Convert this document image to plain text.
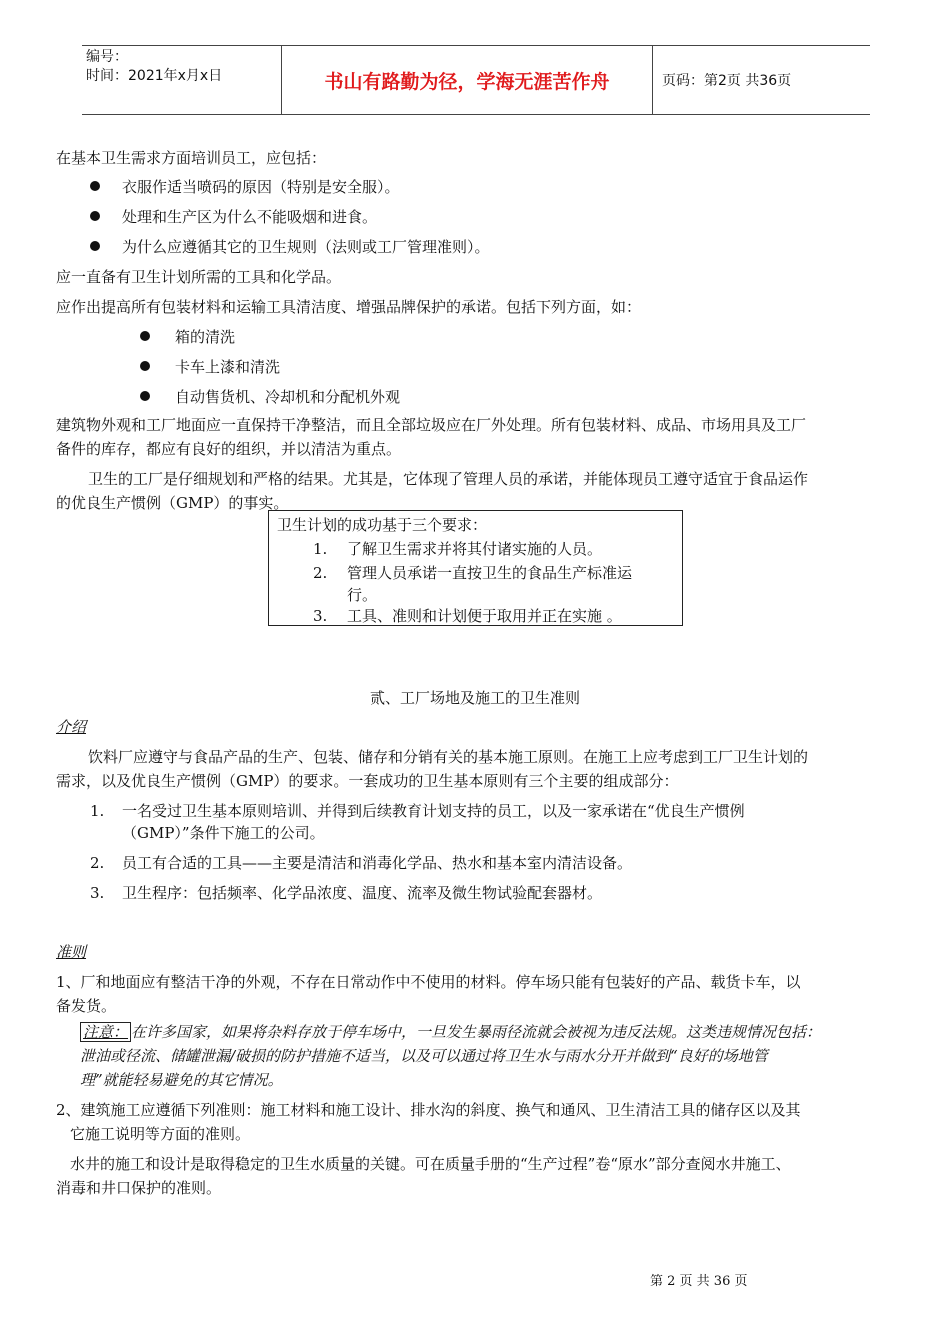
编号：
时间：2021年x月x日	书山有路勤为径，学海无涯苦作舟	页码：第2页 共36页
在基本卫生需求方面培训员工，应包括：
衣服作适当喷码的原因（特别是安全服）。
处理和生产区为什么不能吸烟和进食。
为什么应遵循其它的卫生规则（法则或工厂管理准则）。
应一直备有卫生计划所需的工具和化学品。
应作出提高所有包装材料和运输工具清洁度、增强品牌保护的承诺。包括下列方面，如：
箱的清洗
卡车上漆和清洗
自动售货机、冷却机和分配机外观
建筑物外观和工厂地面应一直保持干净整洁，而且全部垃圾应在厂外处理。所有包装材料、成品、市场用具及工厂
备件的库存，都应有良好的组织，并以清洁为重点。
卫生的工厂是仔细规划和严格的结果。尤其是，它体现了管理人员的承诺，并能体现员工遵守适宜于食品运作
的优良生产惯例（GMP）的事实。
卫生计划的成功基于三个要求：
1. 了解卫生需求并将其付诸实施的人员。
2. 管理人员承诺一直按卫生的食品生产标准运
行。
3. 工具、准则和计划便于取用并正在实施 。
贰、工厂场地及施工的卫生准则
介绍
饮料厂应遵守与食品产品的生产、包装、储存和分销有关的基本施工原则。在施工上应考虑到工厂卫生计划的
需求，以及优良生产惯例（GMP）的要求。一套成功的卫生基本原则有三个主要的组成部分：
1. 一名受过卫生基本原则培训、并得到后续教育计划支持的员工，以及一家承诺在“优良生产惯例
（GMP）”条件下施工的公司。
2. 员工有合适的工具——主要是清洁和消毒化学品、热水和基本室内清洁设备。
3. 卫生程序：包括频率、化学品浓度、温度、流率及微生物试验配套器材。
准则
1、厂和地面应有整洁干净的外观，不存在日常动作中不使用的材料。停车场只能有包装好的产品、载货卡车，以
备发货。
注意： 在许多国家，如果将杂料存放于停车场中，一旦发生暴雨径流就会被视为违反法规。这类违规情况包括：
泄油或径流、储罐泄漏/破损的防护措施不适当，以及可以通过将卫生水与雨水分开并做到“良好的场地管
理”就能轻易避免的其它情况。
2、建筑施工应遵循下列准则：施工材料和施工设计、排水沟的斜度、换气和通风、卫生清洁工具的储存区以及其
它施工说明等方面的准则。
水井的施工和设计是取得稳定的卫生水质量的关键。可在质量手册的“生产过程”卷“原水”部分查阅水井施工、
消毒和井口保护的准则。
第 2 页 共 36 页
